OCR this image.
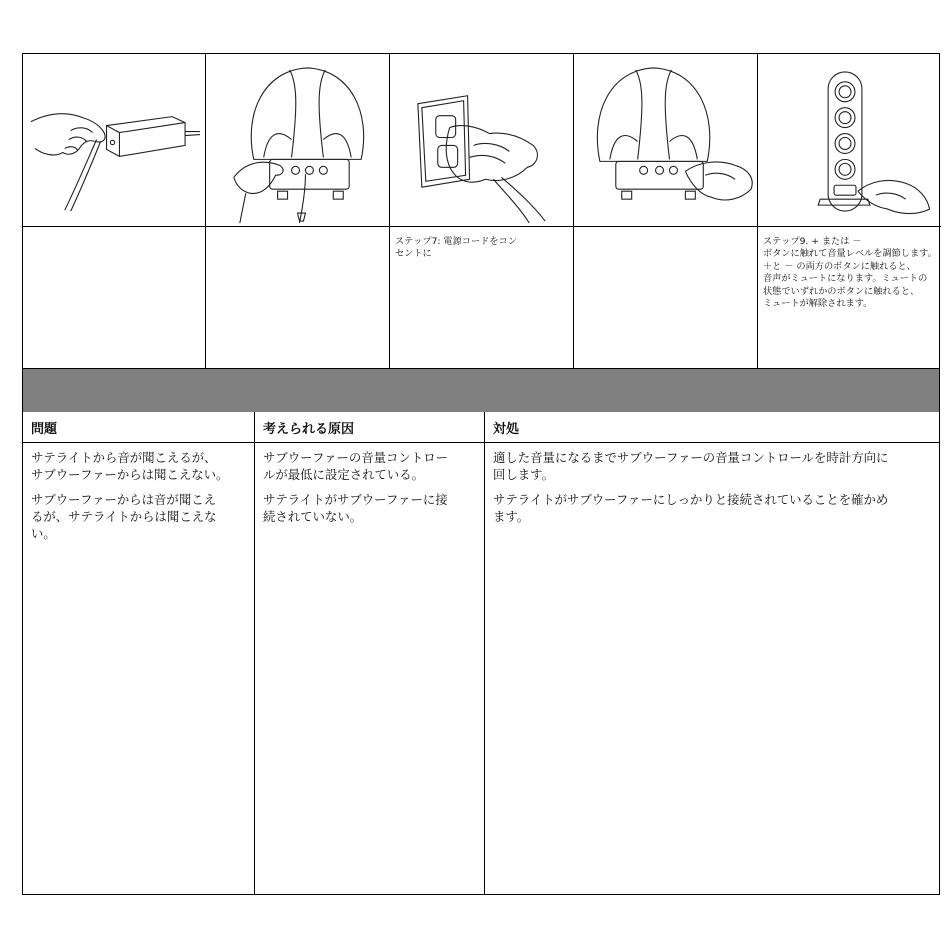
ステップ7: 電源コードをコン
セントに
ステップ9. + または －
ボタンに触れて音量レベルを調節します。
＋と － の両方のボタンに触れると、
音声がミュートになります。ミュートの
状態でいずれかのボタンに触れると、
ミュートが解除されます。
問題

サテライトから音が聞こえるが、
サブウーファーからは聞こえない。

サブウーファーからは音が聞こえ
るが、サテライトからは聞こえな
い。

考えられる原因

サブウーファーの音量コントロー
ルが最低に設定されている。

サテライトがサブウーファーに接
続されていない。

対処

適した音量になるまでサブウーファーの音量コントロールを時計方向に
回します。

サテライトがサブウーファーにしっかりと接続されていることを確かめ
ます。
